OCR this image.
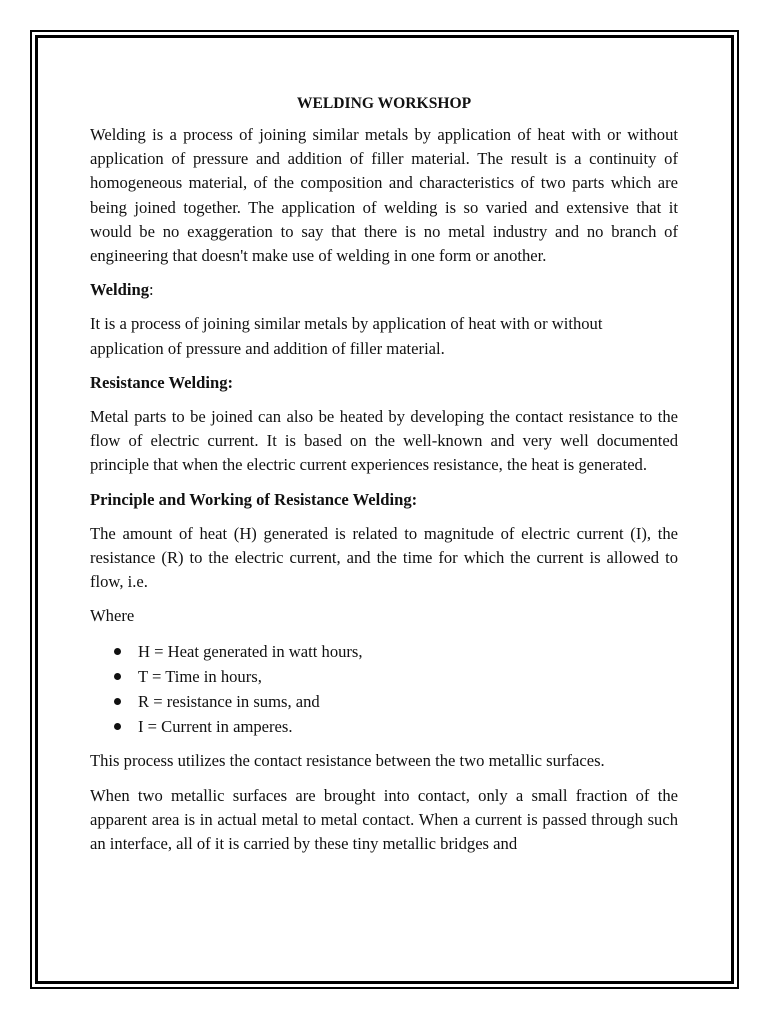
WELDING WORKSHOP

Welding is a process of joining similar metals by application of heat with or without application of pressure and addition of filler material. The result is a continuity of homogeneous material, of the composition and characteristics of two parts which are being joined together. The application of welding is so varied and extensive that it would be no exaggeration to say that there is no metal industry and no branch of engineering that doesn't make use of welding in one form or another.

Welding:

It is a process of joining similar metals by application of heat with or without application of pressure and addition of filler material.

Resistance Welding:

Metal parts to be joined can also be heated by developing the contact resistance to the flow of electric current. It is based on the well-known and very well documented principle that when the electric current experiences resistance, the heat is generated.

Principle and Working of Resistance Welding:

The amount of heat (H) generated is related to magnitude of electric current (I), the resistance (R) to the electric current, and the time for which the current is allowed to flow, i.e.

Where

H = Heat generated in watt hours,
T = Time in hours,
R = resistance in sums, and
I = Current in amperes.

This process utilizes the contact resistance between the two metallic surfaces.

When two metallic surfaces are brought into contact, only a small fraction of the apparent area is in actual metal to metal contact. When a current is passed through such an interface, all of it is carried by these tiny metallic bridges and
